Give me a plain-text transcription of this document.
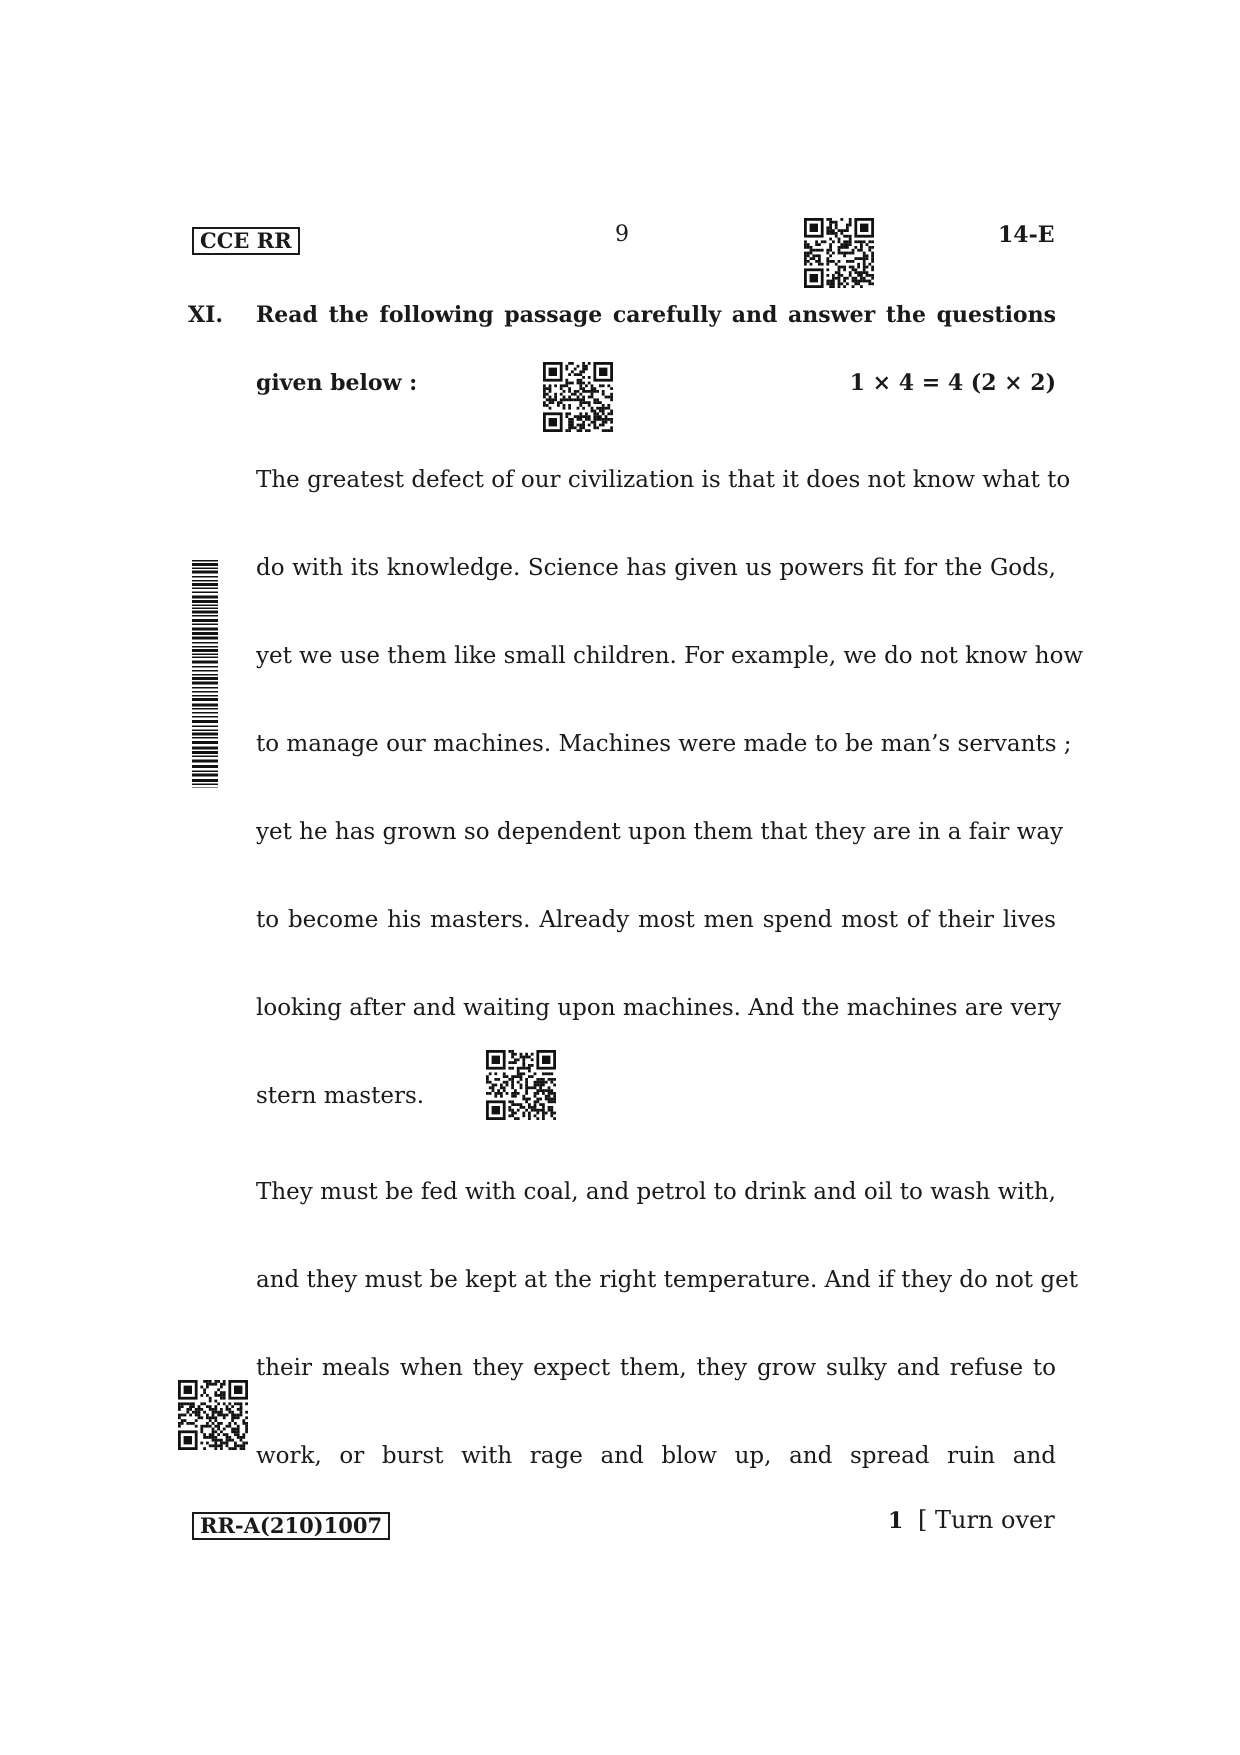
CCE RR	9	14-E
XI. Read the following passage carefully and answer the questions
given below :	1 × 4 = 4 (2 × 2)
The greatest defect of our civilization is that it does not know what to
do with its knowledge. Science has given us powers fit for the Gods,
yet we use them like small children. For example, we do not know how
to manage our machines. Machines were made to be man’s servants ;
yet he has grown so dependent upon them that they are in a fair way
to become his masters. Already most men spend most of their lives
looking after and waiting upon machines. And the machines are very
stern masters.
They must be fed with coal, and petrol to drink and oil to wash with,
and they must be kept at the right temperature. And if they do not get
their meals when they expect them, they grow sulky and refuse to
work, or burst with rage and blow up, and spread ruin and
RR-A(210)1007	1 [ Turn over
